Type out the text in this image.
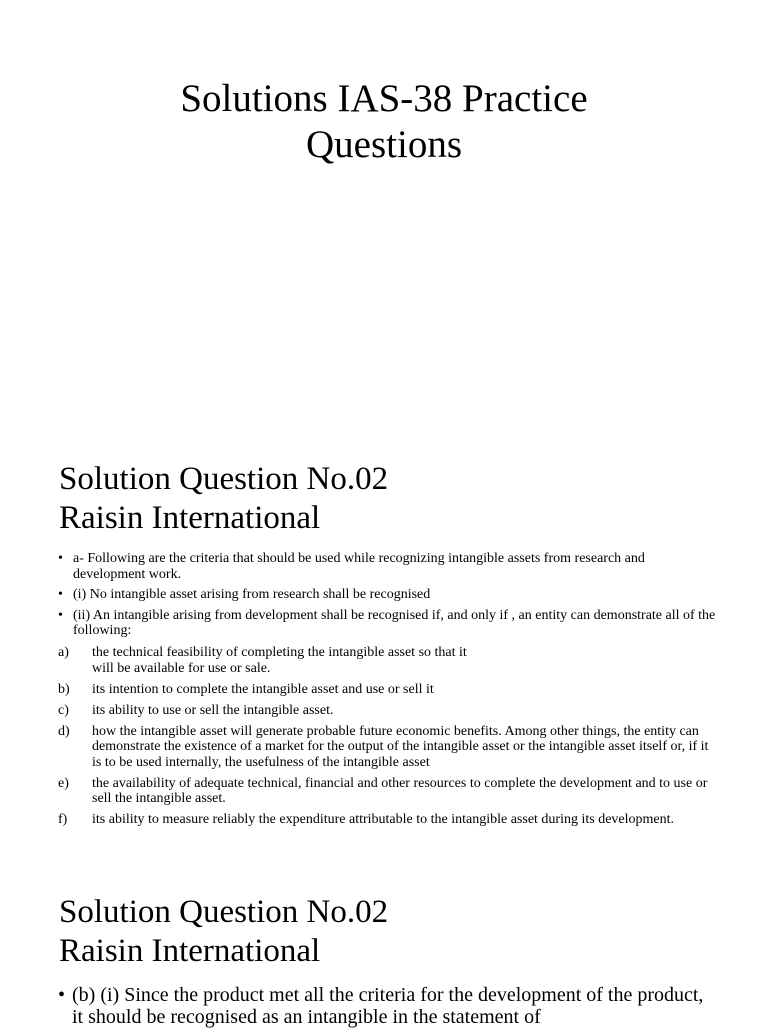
Solutions IAS-38 Practice
Questions
Solution Question No.02
Raisin International
• a- Following are the criteria that should be used while recognizing intangible assets from research and development work.
• (i) No intangible asset arising from research shall be recognised
• (ii) An intangible arising from development shall be recognised if, and only if , an entity can demonstrate all of the following:
a) the technical feasibility of completing the intangible asset so that it will be available for use or sale.
b) its intention to complete the intangible asset and use or sell it
c) its ability to use or sell the intangible asset.
d) how the intangible asset will generate probable future economic benefits. Among other things, the entity can demonstrate the existence of a market for the output of the intangible asset or the intangible asset itself or, if it is to be used internally, the usefulness of the intangible asset
e) the availability of adequate technical, financial and other resources to complete the development and to use or sell the intangible asset.
f) its ability to measure reliably the expenditure attributable to the intangible asset during its development.
Solution Question No.02
Raisin International
• (b) (i) Since the product met all the criteria for the development of the product, it should be recognised as an intangible in the statement of
